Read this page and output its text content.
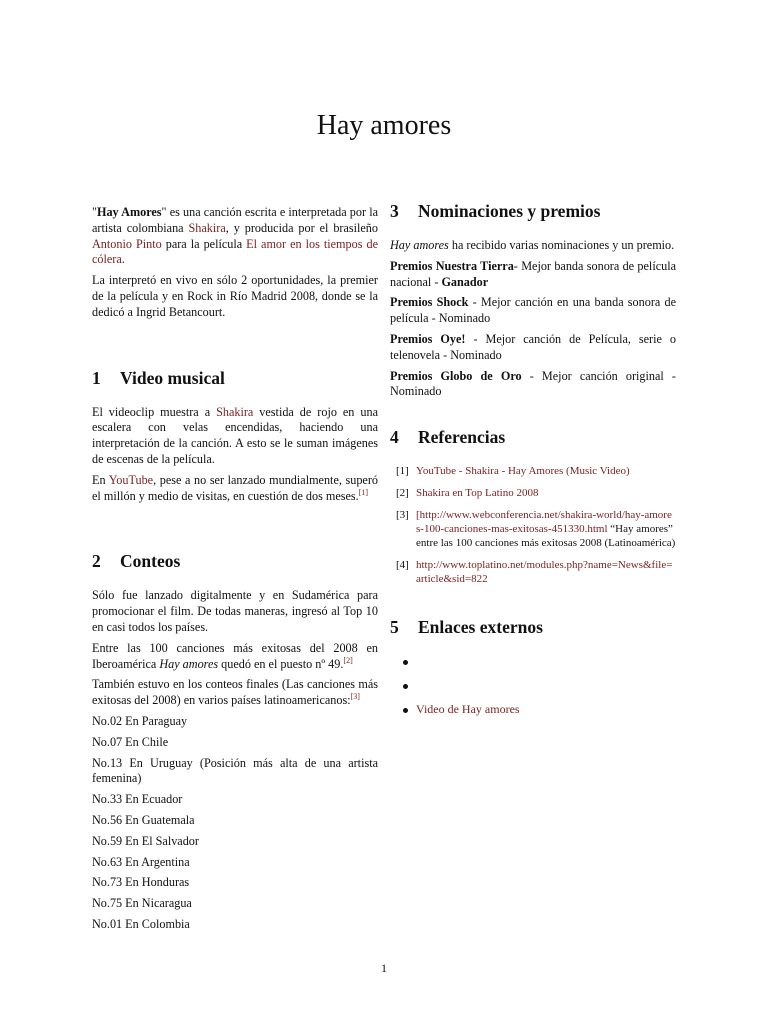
Hay amores

"Hay Amores" es una canción escrita e interpretada por la artista colombiana Shakira, y producida por el brasileño Antonio Pinto para la película El amor en los tiempos de cólera.

La interpretó en vivo en sólo 2 oportunidades, la premier de la película y en Rock in Río Madrid 2008, donde se la dedicó a Ingrid Betancourt.

1 Video musical

El videoclip muestra a Shakira vestida de rojo en una escalera con velas encendidas, haciendo una interpretación de la canción. A esto se le suman imágenes de escenas de la película.

En YouTube, pese a no ser lanzado mundialmente, superó el millón y medio de visitas, en cuestión de dos meses.[1]

2 Conteos

Sólo fue lanzado digitalmente y en Sudamérica para promocionar el film. De todas maneras, ingresó al Top 10 en casi todos los países.

Entre las 100 canciones más exitosas del 2008 en Iberoamérica Hay amores quedó en el puesto nº 49.[2]

También estuvo en los conteos finales (Las canciones más exitosas del 2008) en varios países latinoamericanos:[3]

No.02 En Paraguay

No.07 En Chile

No.13 En Uruguay (Posición más alta de una artista femenina)

No.33 En Ecuador

No.56 En Guatemala

No.59 En El Salvador

No.63 En Argentina

No.73 En Honduras

No.75 En Nicaragua

No.01 En Colombia

3 Nominaciones y premios

Hay amores ha recibido varias nominaciones y un premio.

Premios Nuestra Tierra- Mejor banda sonora de película nacional - Ganador

Premios Shock - Mejor canción en una banda sonora de película - Nominado

Premios Oye! - Mejor canción de Película, serie o telenovela - Nominado

Premios Globo de Oro - Mejor canción original - Nominado

4 Referencias
[1] YouTube - Shakira - Hay Amores (Music Video)
[2] Shakira en Top Latino 2008
[3] [http://www.webconferencia.net/shakira-world/hay-amores-100-canciones-mas-exitosas-451330.html “Hay amores” entre las 100 canciones más exitosas 2008 (Latinoamérica)
[4] http://www.toplatino.net/modules.php?name=News&file=article&sid=822
5 Enlaces externos
Video de Hay amores
1
